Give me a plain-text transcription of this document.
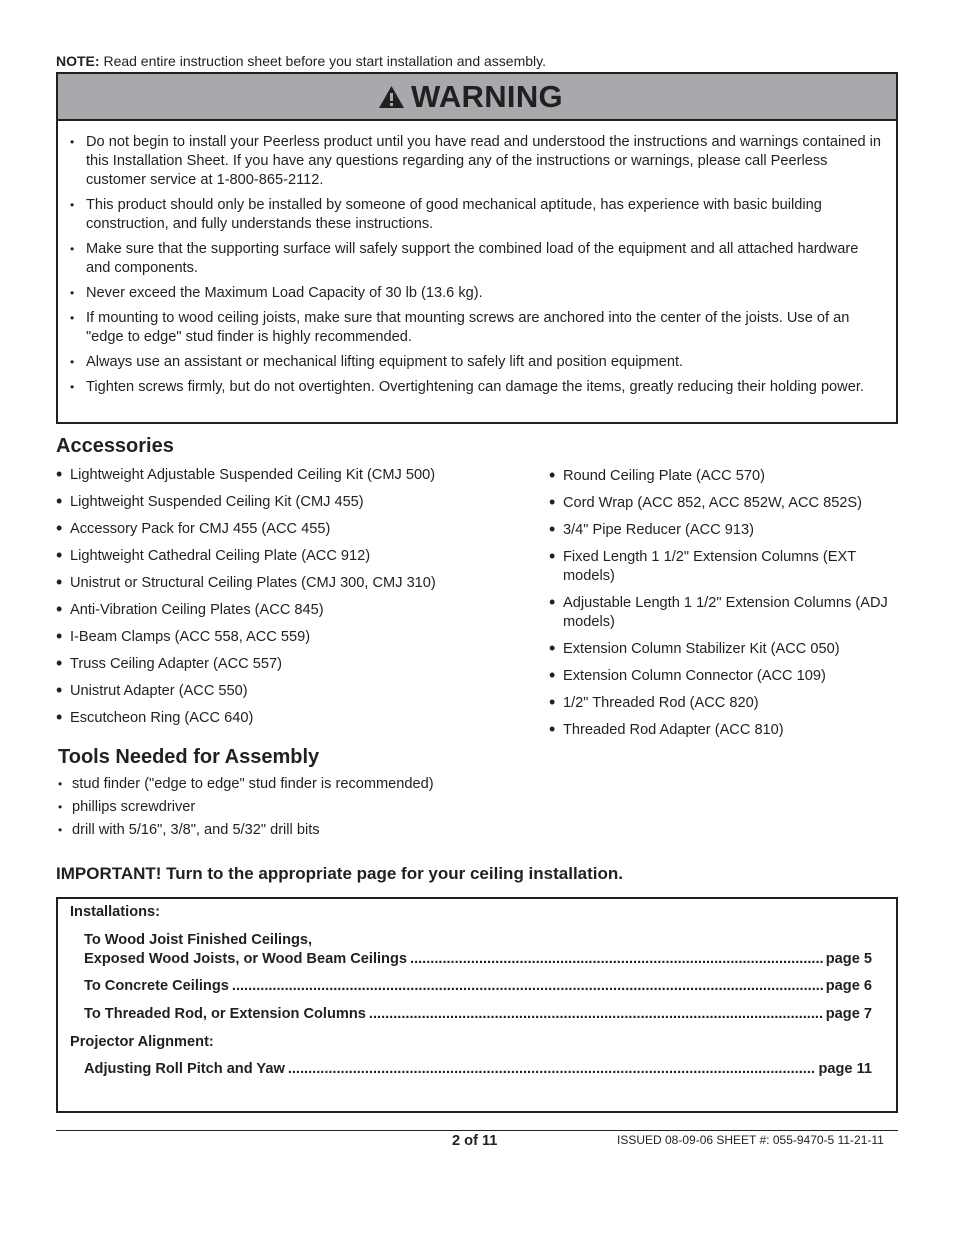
NOTE: Read entire instruction sheet before you start installation and assembly.
WARNING
• Do not begin to install your Peerless product until you have read and understood the instructions and warnings contained in this Installation Sheet. If you have any questions regarding any of the instructions or warnings, please call Peerless customer service at 1-800-865-2112.
• This product should only be installed by someone of good mechanical aptitude, has experience with basic building construction, and fully understands these instructions.
• Make sure that the supporting surface will safely support the combined load of the equipment and all attached hardware and components.
• Never exceed the Maximum Load Capacity of 30 lb (13.6 kg).
• If mounting to wood ceiling joists, make sure that mounting screws are anchored into the center of the joists. Use of an "edge to edge" stud finder is highly recommended.
• Always use an assistant or mechanical lifting equipment to safely lift and position equipment.
• Tighten screws firmly, but do not overtighten. Overtightening can damage the items, greatly reducing their holding power.
Accessories
• Lightweight Adjustable Suspended Ceiling Kit (CMJ 500)
• Lightweight Suspended Ceiling Kit (CMJ 455)
• Accessory Pack for CMJ 455 (ACC 455)
• Lightweight Cathedral Ceiling Plate (ACC 912)
• Unistrut or Structural Ceiling Plates (CMJ 300, CMJ 310)
• Anti-Vibration Ceiling Plates (ACC 845)
• I-Beam Clamps (ACC 558, ACC 559)
• Truss Ceiling Adapter (ACC 557)
• Unistrut Adapter (ACC 550)
• Escutcheon Ring (ACC 640)
• Round Ceiling Plate (ACC 570)
• Cord Wrap (ACC 852, ACC 852W, ACC 852S)
• 3/4" Pipe Reducer (ACC 913)
• Fixed Length 1 1/2" Extension Columns (EXT models)
• Adjustable Length 1 1/2" Extension Columns (ADJ models)
• Extension Column Stabilizer Kit (ACC 050)
• Extension Column Connector (ACC 109)
• 1/2" Threaded Rod (ACC 820)
• Threaded Rod Adapter (ACC 810)
Tools Needed for Assembly
• stud finder ("edge to edge" stud finder is recommended)
• phillips screwdriver
• drill with 5/16", 3/8", and 5/32" drill bits
IMPORTANT! Turn to the appropriate page for your ceiling installation.
Installations:
To Wood Joist Finished Ceilings,
Exposed Wood Joists, or Wood Beam Ceilings .....	page 5
To Concrete Ceilings .....	page 6
To Threaded Rod, or Extension Columns .....	page 7
Projector Alignment:
Adjusting Roll Pitch and Yaw .....	page 11
2 of 11	ISSUED 08-09-06 SHEET #: 055-9470-5 11-21-11
